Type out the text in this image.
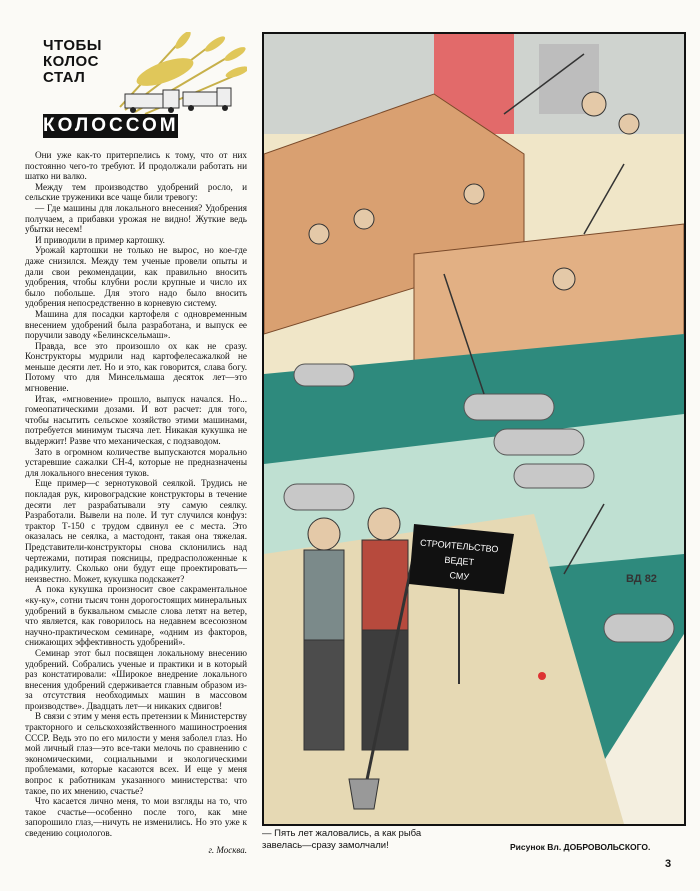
ЧТОБЫ КОЛОС СТАЛ
КОЛОССОМ

Они уже как-то притерпелись к тому, что от них постоянно чего-то требуют. И продолжали работать ни шатко ни валко.

Между тем производство удобрений росло, и сельские труженики все чаще били тревогу:

— Где машины для локального внесения? Удобрения получаем, а прибавки урожая не видно! Жуткие ведь убытки несем!

И приводили в пример картошку.

Урожай картошки не только не вырос, но кое-где даже снизился. Между тем ученые провели опыты и дали свои рекомендации, как правильно вносить удобрения, чтобы клубни росли крупные и число их было побольше. Для этого надо было вносить удобрения непосредственно в корневую систему.

Машина для посадки картофеля с одновременным внесением удобрений была разработана, и выпуск ее поручили заводу «Белинсксельмаш».

Правда, все это произошло ох как не сразу. Конструкторы мудрили над картофелесажалкой не меньше десяти лет. Но и это, как говорится, слава богу. Потому что для Минсельмаша десяток лет—это мгновение.

Итак, «мгновение» прошло, выпуск начался. Но... гомеопатическими дозами. И вот расчет: для того, чтобы насытить сельское хозяйство этими машинами, потребуется минимум тысяча лет. Никакая кукушка не выдержит! Разве что механическая, с подзаводом.

Зато в огромном количестве выпускаются морально устаревшие сажалки СН-4, которые не предназначены для локального внесения туков.

Еще пример—с зернотуковой сеялкой. Трудись не покладая рук, кировоградские конструкторы в течение десяти лет разрабатывали эту самую сеялку. Разработали. Вывели на поле. И тут случился конфуз: трактор Т-150 с трудом сдвинул ее с места. Это оказалась не сеялка, а мастодонт, такая она тяжелая. Представители-конструкторы снова склонились над чертежами, потирая поясницы, предрасположенные к радикулиту. Сколько они будут еще проектировать—неизвестно. Может, кукушка подскажет?

А пока кукушка произносит свое сакраментальное «ку-ку», сотни тысяч тонн дорогостоящих минеральных удобрений в буквальном смысле слова летят на ветер, что является, как говорилось на недавнем всесоюзном научно-практическом семинаре, «одним из факторов, снижающих эффективность удобрений».

Семинар этот был посвящен локальному внесению удобрений. Собрались ученые и практики и в который раз констатировали: «Широкое внедрение локального внесения удобрений сдерживается главным образом из-за отсутствия необходимых машин в массовом производстве». Двадцать лет—и никаких сдвигов!

В связи с этим у меня есть претензии к Министерству тракторного и сельскохозяйственного машиностроения СССР. Ведь это по его милости у меня заболел глаз. Но мой личный глаз—это все-таки мелочь по сравнению с экономическими, социальными и экологическими проблемами, которые касаются всех. И еще у меня вопрос к работникам указанного министерства: что такое, по их мнению, счастье?

Что касается лично меня, то мои взгляды на то, что такое счастье—особенно после того, как мне запорошило глаз,—ничуть не изменились. Но это уже к сведению социологов.

г. Москва.
СТРОИТЕЛЬСТВО
ВЕДЕТ
СМУ	ВД 82
— Пять лет жаловались, а как рыба завелась—сразу замолчали!	Рисунок Вл. ДОБРОВОЛЬСКОГО.
3
